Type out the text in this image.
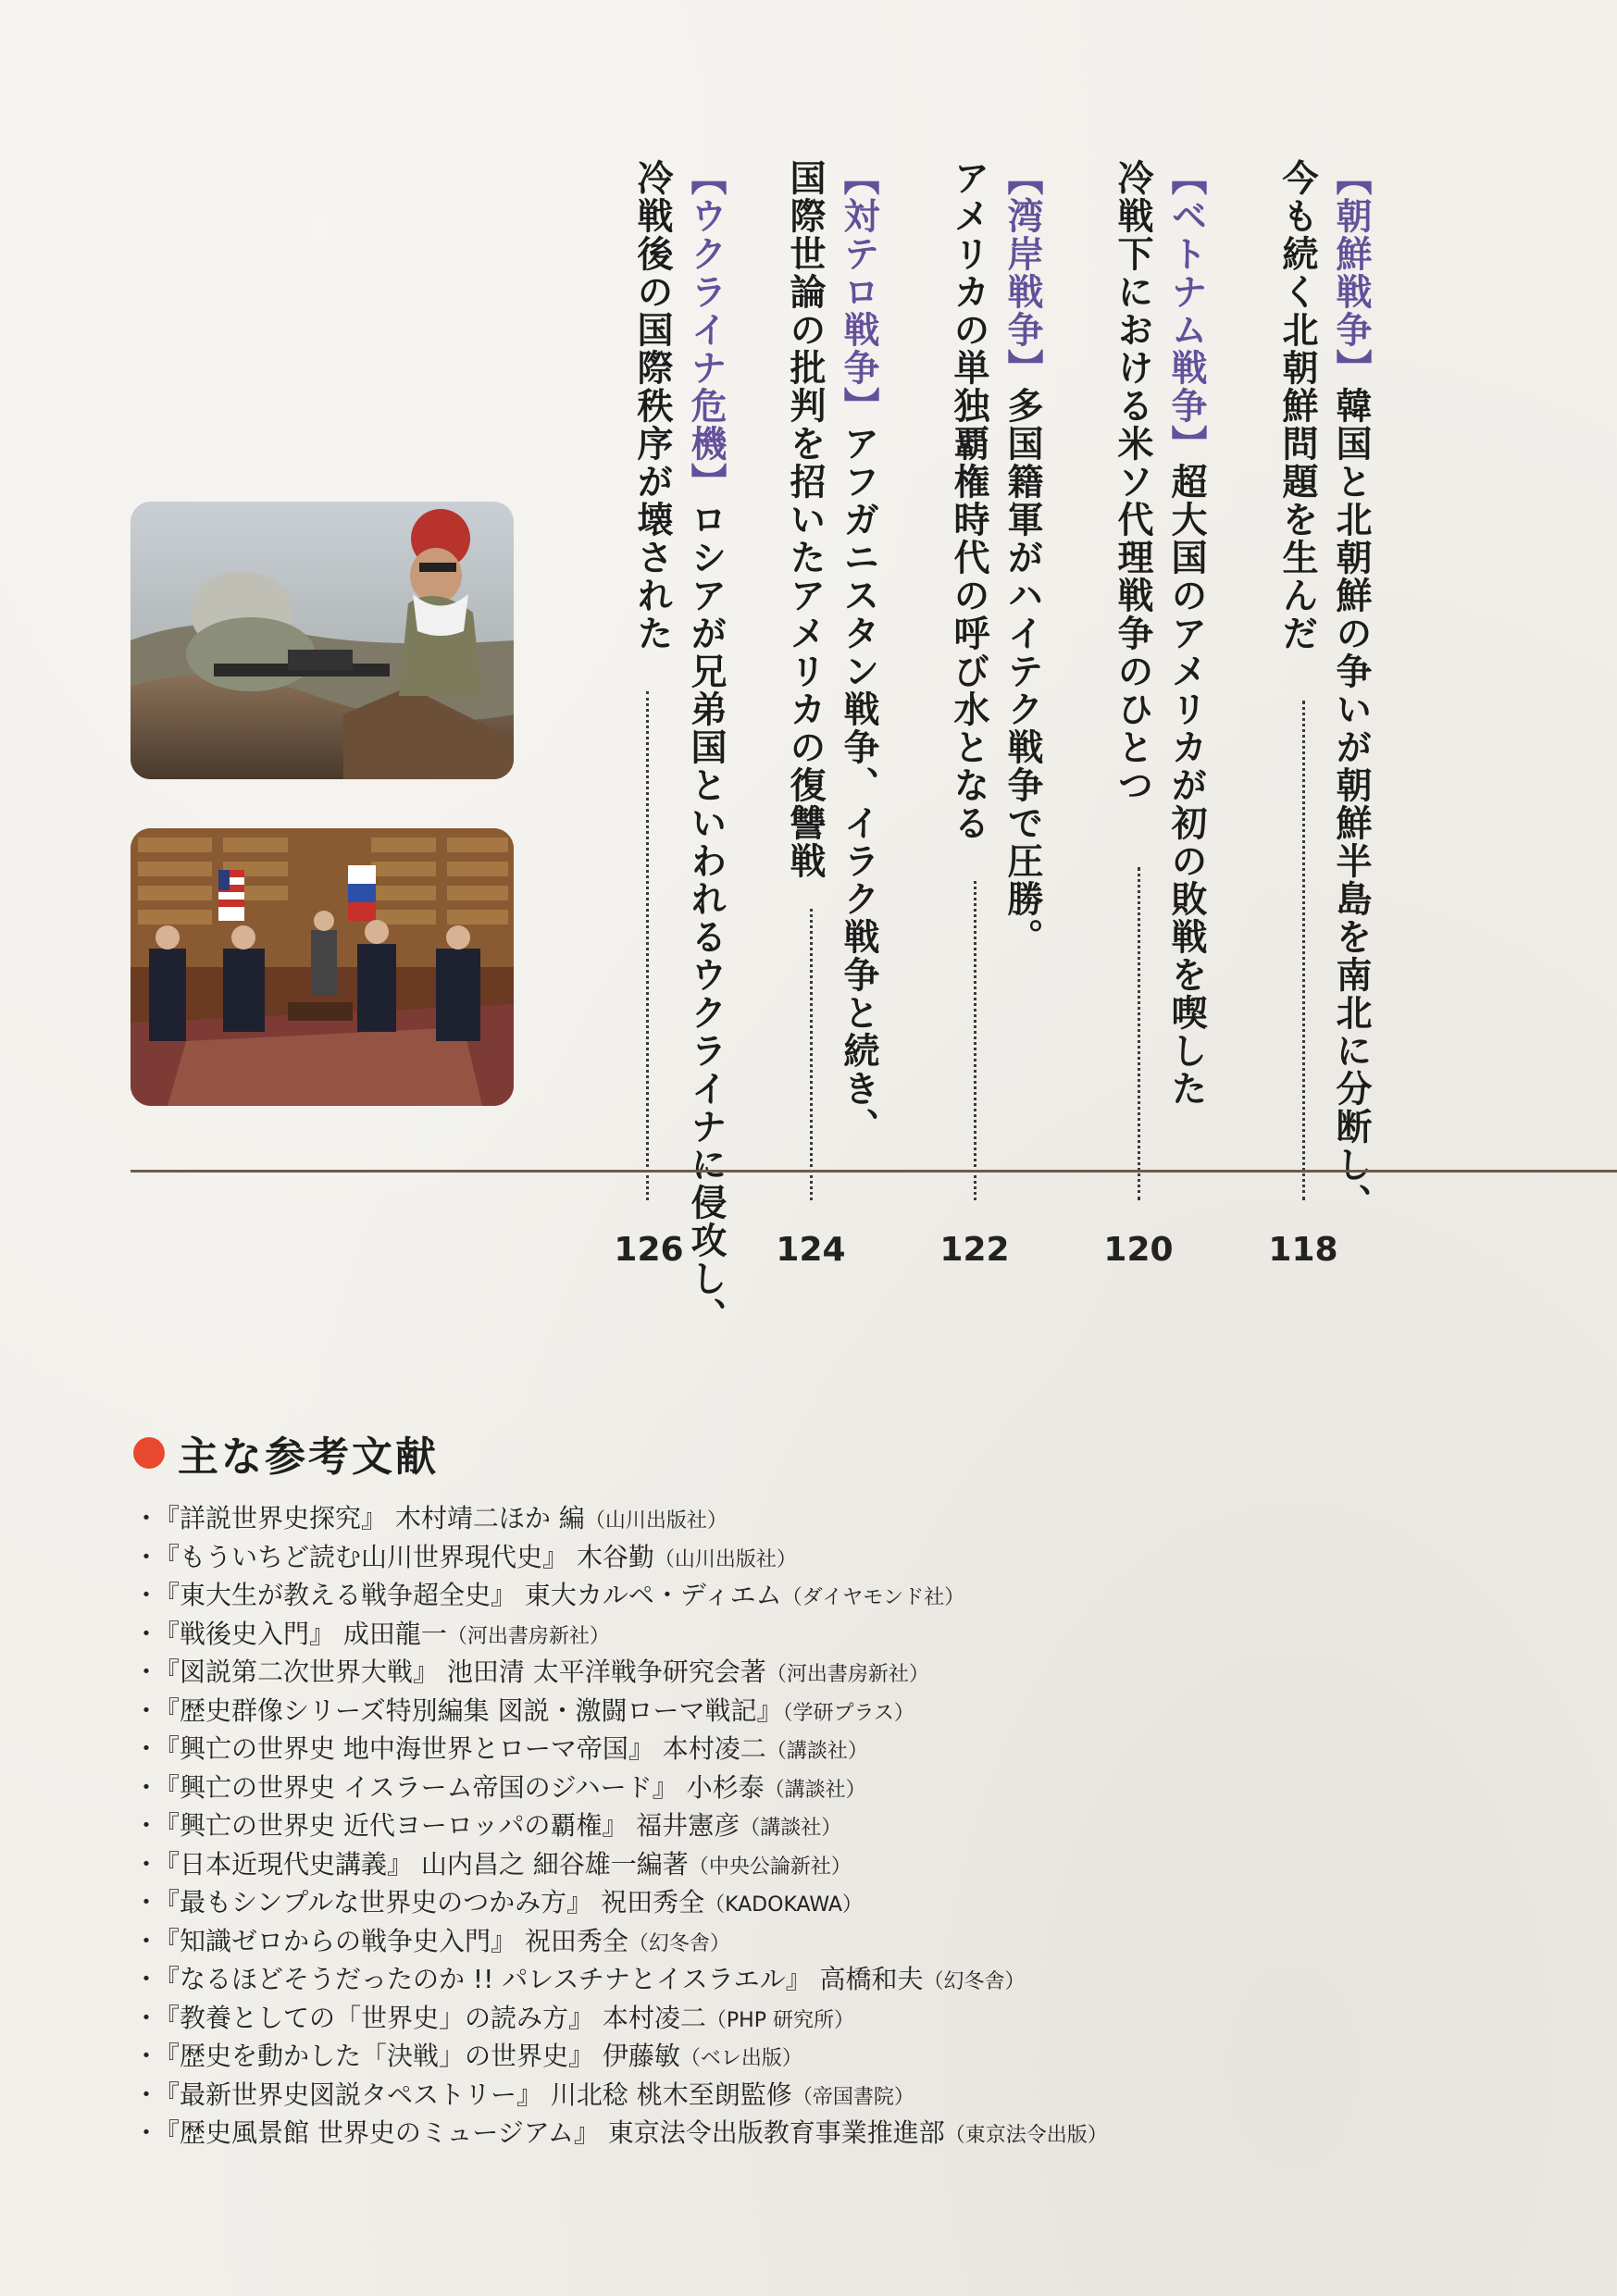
【朝鮮戦争】韓国と北朝鮮の争いが朝鮮半島を南北に分断し、
今も続く北朝鮮問題を生んだ
118
【ベトナム戦争】超大国のアメリカが初の敗戦を喫した
冷戦下における米ソ代理戦争のひとつ
120
【湾岸戦争】多国籍軍がハイテク戦争で圧勝。
アメリカの単独覇権時代の呼び水となる
122
【対テロ戦争】アフガニスタン戦争、イラク戦争と続き、
国際世論の批判を招いたアメリカの復讐戦
124
【ウクライナ危機】ロシアが兄弟国といわれるウクライナに侵攻し、
冷戦後の国際秩序が壊された
126
主な参考文献
・『詳説世界史探究』 木村靖二ほか 編（山川出版社）
・『もういちど読む山川世界現代史』 木谷勤（山川出版社）
・『東大生が教える戦争超全史』 東大カルペ・ディエム（ダイヤモンド社）
・『戦後史入門』 成田龍一（河出書房新社）
・『図説第二次世界大戦』 池田清 太平洋戦争研究会著（河出書房新社）
・『歴史群像シリーズ特別編集 図説・激闘ローマ戦記』（学研プラス）
・『興亡の世界史 地中海世界とローマ帝国』 本村凌二（講談社）
・『興亡の世界史 イスラーム帝国のジハード』 小杉泰（講談社）
・『興亡の世界史 近代ヨーロッパの覇権』 福井憲彦（講談社）
・『日本近現代史講義』 山内昌之 細谷雄一編著（中央公論新社）
・『最もシンプルな世界史のつかみ方』 祝田秀全（KADOKAWA）
・『知識ゼロからの戦争史入門』 祝田秀全（幻冬舎）
・『なるほどそうだったのか !! パレスチナとイスラエル』 高橋和夫（幻冬舎）
・『教養としての「世界史」の読み方』 本村凌二（PHP 研究所）
・『歴史を動かした「決戦」の世界史』 伊藤敏（ベレ出版）
・『最新世界史図説タペストリー』 川北稔 桃木至朗監修（帝国書院）
・『歴史風景館 世界史のミュージアム』 東京法令出版教育事業推進部（東京法令出版）
